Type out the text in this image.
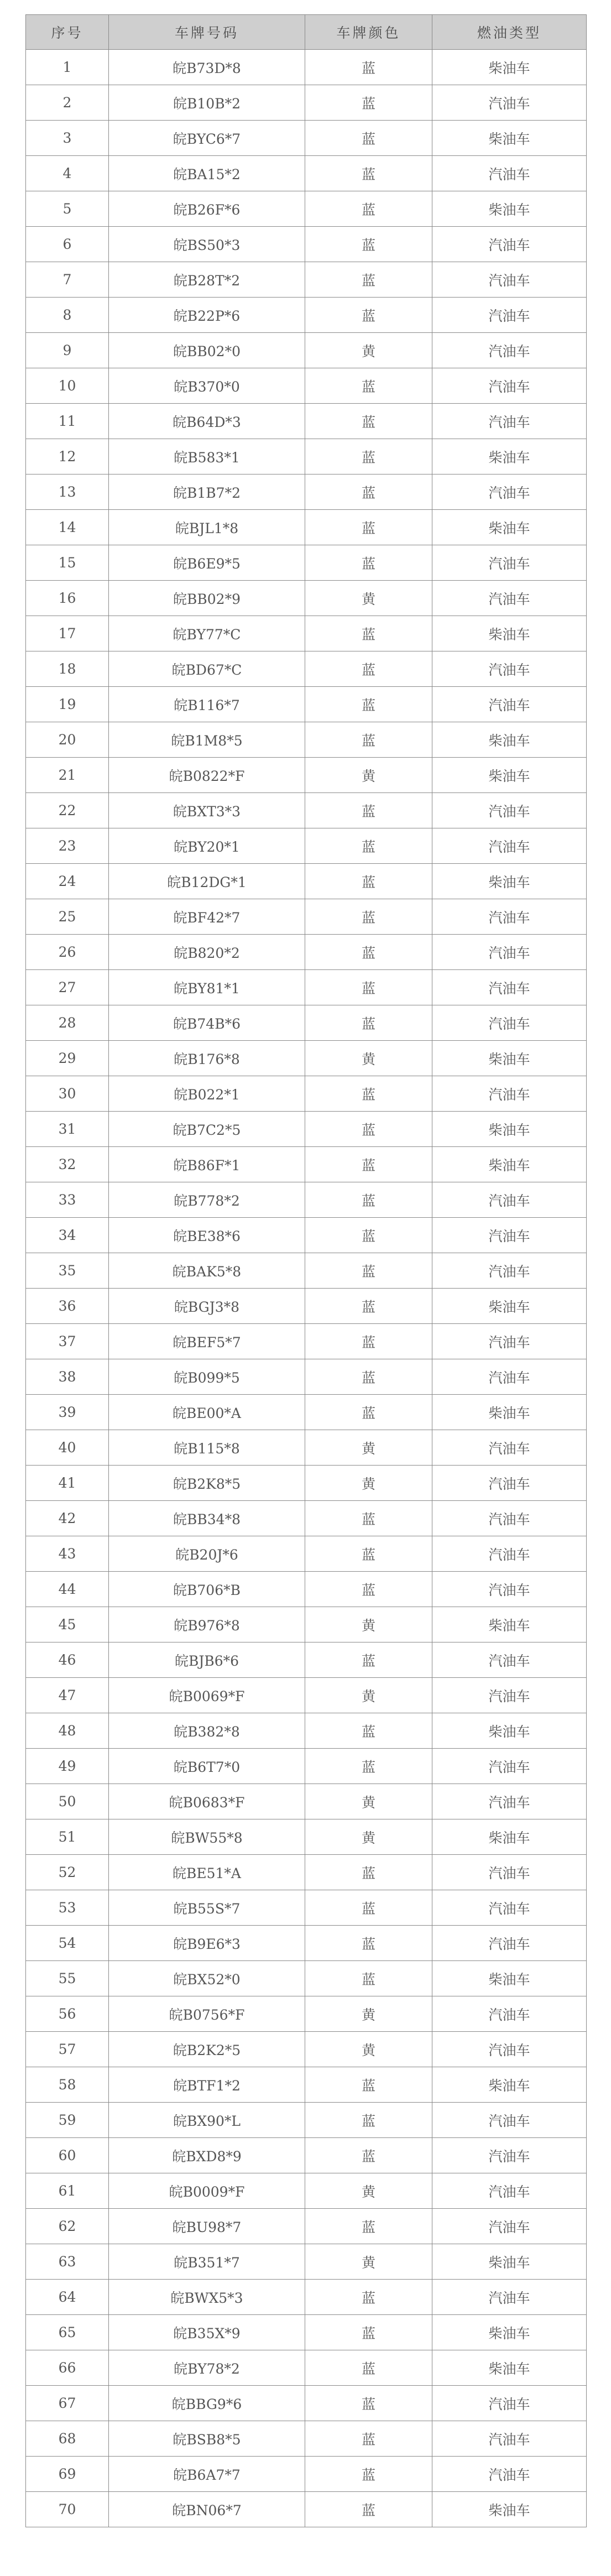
序号	车牌号码	车牌颜色	燃油类型
1	皖B73D*8	蓝	柴油车
2	皖B10B*2	蓝	汽油车
3	皖BYC6*7	蓝	柴油车
4	皖BA15*2	蓝	汽油车
5	皖B26F*6	蓝	柴油车
6	皖BS50*3	蓝	汽油车
7	皖B28T*2	蓝	汽油车
8	皖B22P*6	蓝	汽油车
9	皖BB02*0	黄	汽油车
10	皖B370*0	蓝	汽油车
11	皖B64D*3	蓝	汽油车
12	皖B583*1	蓝	柴油车
13	皖B1B7*2	蓝	汽油车
14	皖BJL1*8	蓝	柴油车
15	皖B6E9*5	蓝	汽油车
16	皖BB02*9	黄	汽油车
17	皖BY77*C	蓝	柴油车
18	皖BD67*C	蓝	汽油车
19	皖B116*7	蓝	汽油车
20	皖B1M8*5	蓝	柴油车
21	皖B0822*F	黄	柴油车
22	皖BXT3*3	蓝	汽油车
23	皖BY20*1	蓝	汽油车
24	皖B12DG*1	蓝	柴油车
25	皖BF42*7	蓝	汽油车
26	皖B820*2	蓝	汽油车
27	皖BY81*1	蓝	汽油车
28	皖B74B*6	蓝	汽油车
29	皖B176*8	黄	柴油车
30	皖B022*1	蓝	汽油车
31	皖B7C2*5	蓝	柴油车
32	皖B86F*1	蓝	柴油车
33	皖B778*2	蓝	汽油车
34	皖BE38*6	蓝	汽油车
35	皖BAK5*8	蓝	汽油车
36	皖BGJ3*8	蓝	柴油车
37	皖BEF5*7	蓝	汽油车
38	皖B099*5	蓝	汽油车
39	皖BE00*A	蓝	柴油车
40	皖B115*8	黄	汽油车
41	皖B2K8*5	黄	汽油车
42	皖BB34*8	蓝	汽油车
43	皖B20J*6	蓝	汽油车
44	皖B706*B	蓝	汽油车
45	皖B976*8	黄	柴油车
46	皖BJB6*6	蓝	汽油车
47	皖B0069*F	黄	汽油车
48	皖B382*8	蓝	柴油车
49	皖B6T7*0	蓝	汽油车
50	皖B0683*F	黄	汽油车
51	皖BW55*8	黄	柴油车
52	皖BE51*A	蓝	汽油车
53	皖B55S*7	蓝	汽油车
54	皖B9E6*3	蓝	汽油车
55	皖BX52*0	蓝	柴油车
56	皖B0756*F	黄	汽油车
57	皖B2K2*5	黄	汽油车
58	皖BTF1*2	蓝	柴油车
59	皖BX90*L	蓝	汽油车
60	皖BXD8*9	蓝	汽油车
61	皖B0009*F	黄	汽油车
62	皖BU98*7	蓝	汽油车
63	皖B351*7	黄	柴油车
64	皖BWX5*3	蓝	汽油车
65	皖B35X*9	蓝	柴油车
66	皖BY78*2	蓝	柴油车
67	皖BBG9*6	蓝	汽油车
68	皖BSB8*5	蓝	汽油车
69	皖B6A7*7	蓝	汽油车
70	皖BN06*7	蓝	柴油车
